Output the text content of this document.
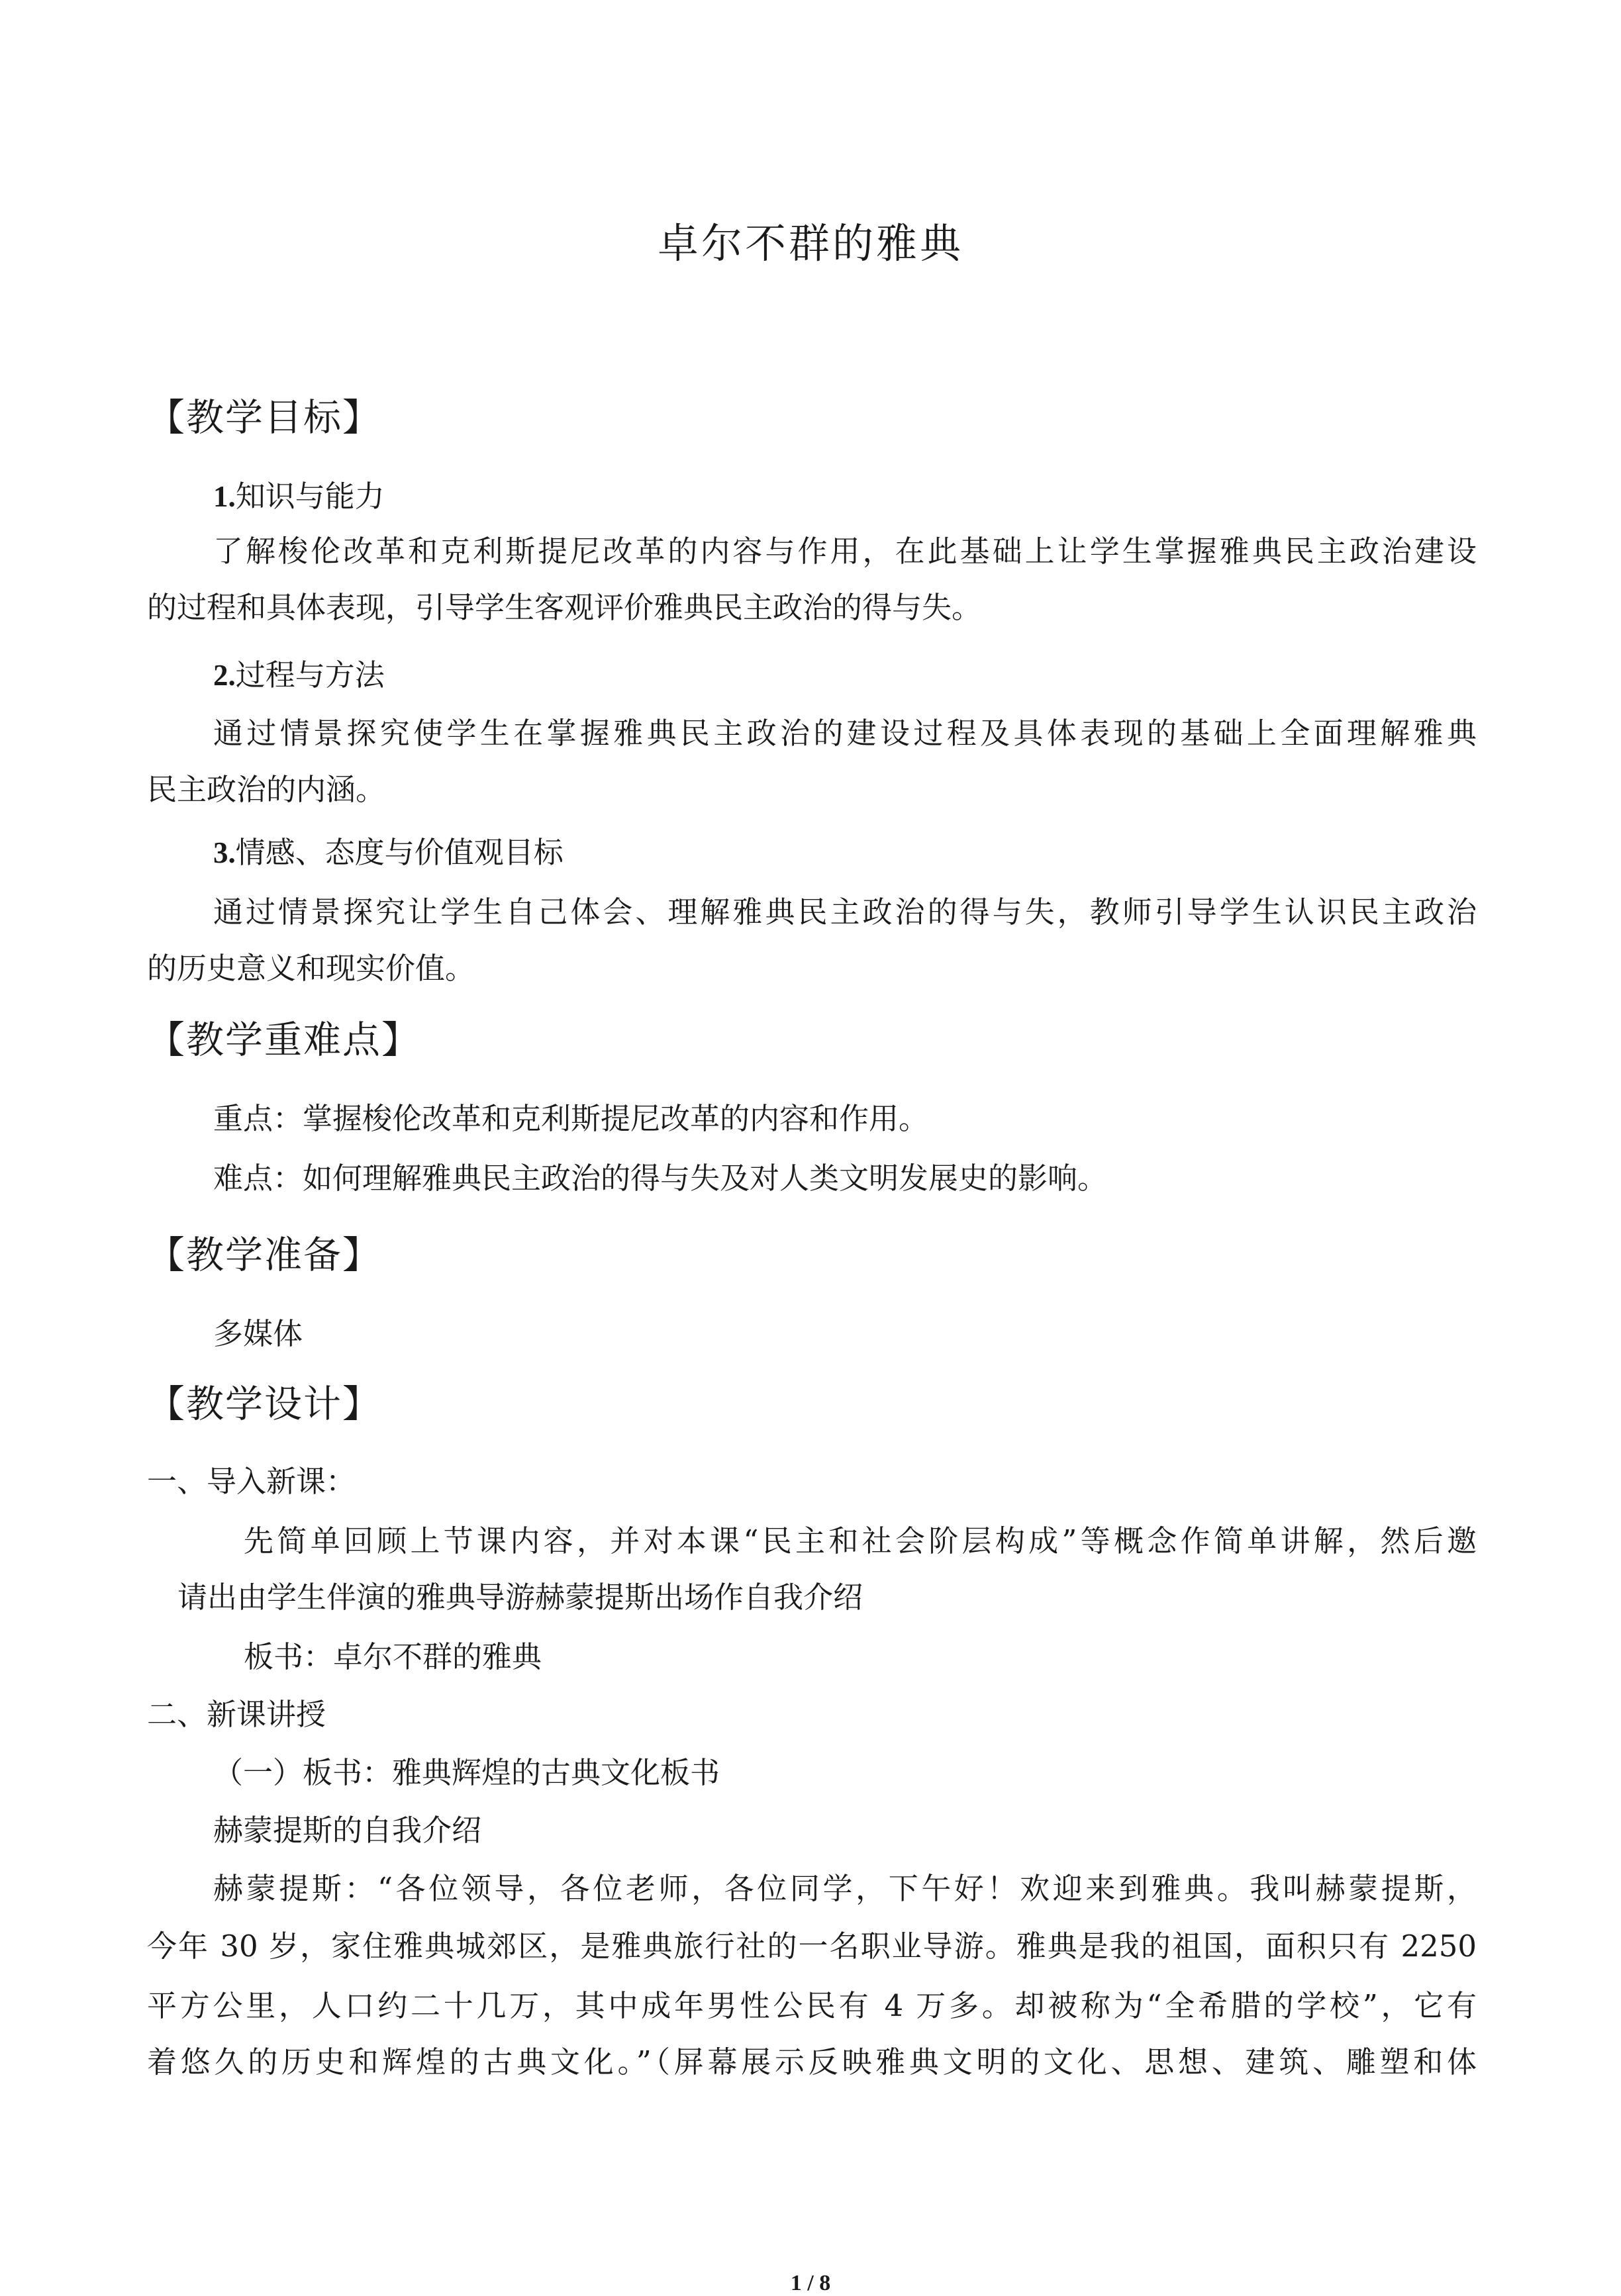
卓尔不群的雅典
【教学目标】
1.知识与能力
了解梭伦改革和克利斯提尼改革的内容与作用，在此基础上让学生掌握雅典民主政治建设
的过程和具体表现，引导学生客观评价雅典民主政治的得与失。
2.过程与方法
通过情景探究使学生在掌握雅典民主政治的建设过程及具体表现的基础上全面理解雅典
民主政治的内涵。
3.情感、态度与价值观目标
通过情景探究让学生自己体会、理解雅典民主政治的得与失，教师引导学生认识民主政治
的历史意义和现实价值。
【教学重难点】
重点：掌握梭伦改革和克利斯提尼改革的内容和作用。
难点：如何理解雅典民主政治的得与失及对人类文明发展史的影响。
【教学准备】
多媒体
【教学设计】
一、导入新课：
先简单回顾上节课内容，并对本课“民主和社会阶层构成”等概念作简单讲解，然后邀
请出由学生伴演的雅典导游赫蒙提斯出场作自我介绍
板书：卓尔不群的雅典
二、新课讲授
（一）板书：雅典辉煌的古典文化板书
赫蒙提斯的自我介绍
赫蒙提斯：“各位领导，各位老师，各位同学，下午好！欢迎来到雅典。我叫赫蒙提斯，
今年 30 岁，家住雅典城郊区，是雅典旅行社的一名职业导游。雅典是我的祖国，面积只有 2250
平方公里，人口约二十几万，其中成年男性公民有 4 万多。却被称为“全希腊的学校”，它有
着悠久的历史和辉煌的古典文化。”（屏幕展示反映雅典文明的文化、思想、建筑、雕塑和体
1 / 8
